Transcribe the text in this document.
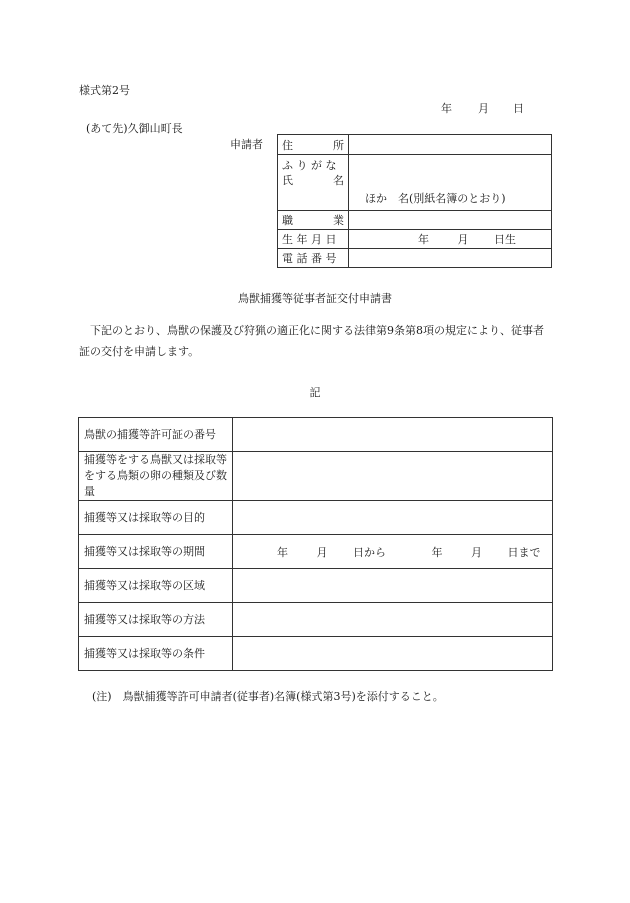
様式第2号
年 月 日
(あて先)久御山町長
申請者 住 所	

ふ り が な
氏 名	ほか　名(別紙名簿のとおり)

職 業	

生 年 月 日	年 月 日生
電 話 番 号	
鳥獣捕獲等従事者証交付申請書
下記のとおり、鳥獣の保護及び狩猟の適正化に関する法律第9条第8項の規定により、従事者証の交付を申請します。
記
鳥獣の捕獲等許可証の番号	
捕獲等をする鳥獣又は採取等をする鳥類の卵の種類及び数量	
捕獲等又は採取等の目的	
捕獲等又は採取等の期間	年 月 日から 年 月 日まで
捕獲等又は採取等の区域	
捕獲等又は採取等の方法	
捕獲等又は採取等の条件	
(注)　鳥獣捕獲等許可申請者(従事者)名簿(様式第3号)を添付すること。
